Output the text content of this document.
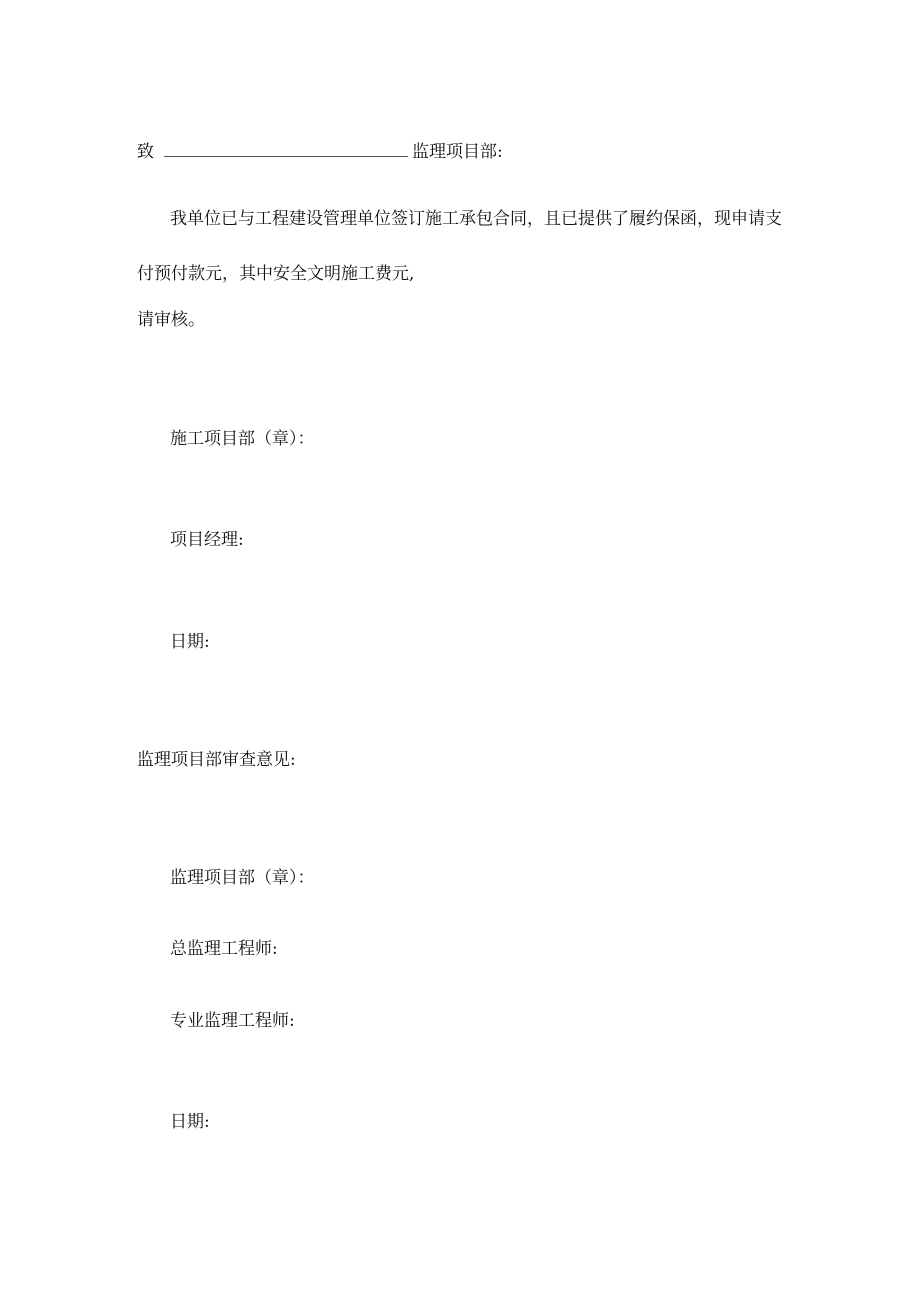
致	监理项目部:
我单位已与工程建设管理单位签订施工承包合同，且已提供了履约保函，现申请支
付预付款元，其中安全文明施工费元,
请审核。
施工项目部（章）：
项目经理:
日期:
监理项目部审查意见:
监理项目部（章）：
总监理工程师:
专业监理工程师:
日期:
